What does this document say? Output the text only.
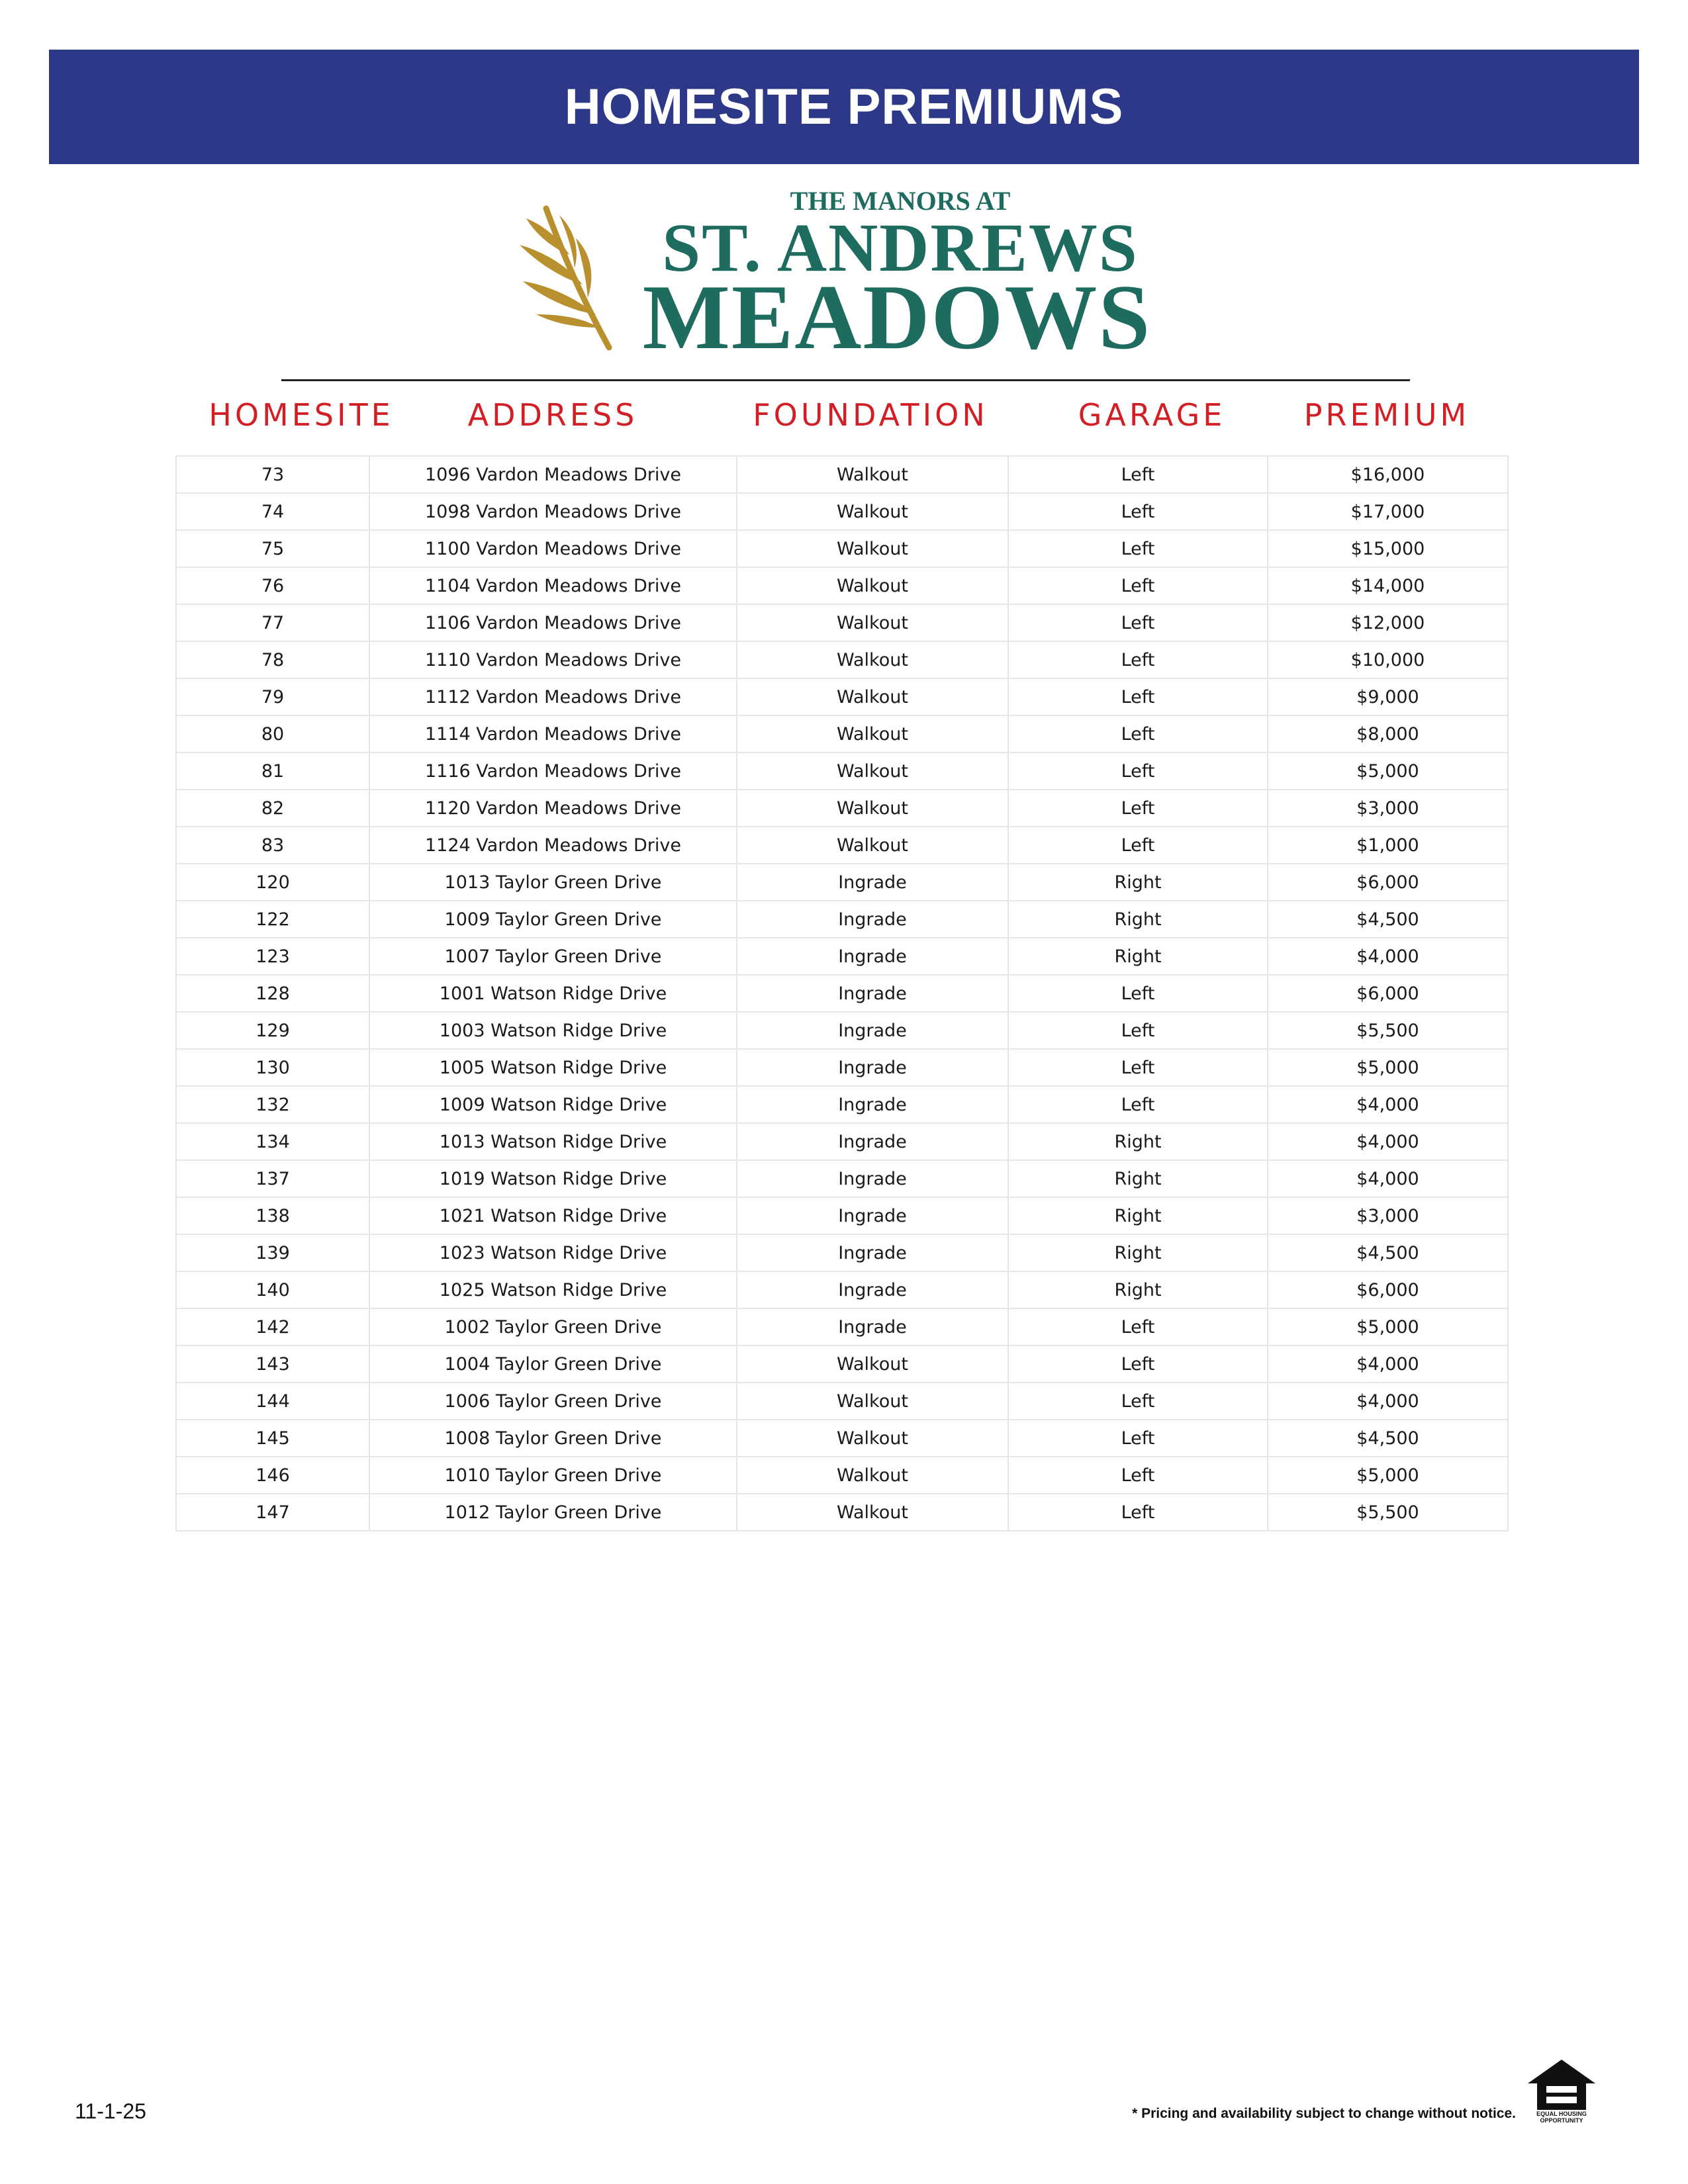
HOMESITE PREMIUMS
THE MANORS AT
ST. ANDREWS
MEADOWS
HOMESITE	ADDRESS	FOUNDATION	GARAGE	PREMIUM
73	1096 Vardon Meadows Drive	Walkout	Left	$16,000
74	1098 Vardon Meadows Drive	Walkout	Left	$17,000
75	1100 Vardon Meadows Drive	Walkout	Left	$15,000
76	1104 Vardon Meadows Drive	Walkout	Left	$14,000
77	1106 Vardon Meadows Drive	Walkout	Left	$12,000
78	1110 Vardon Meadows Drive	Walkout	Left	$10,000
79	1112 Vardon Meadows Drive	Walkout	Left	$9,000
80	1114 Vardon Meadows Drive	Walkout	Left	$8,000
81	1116 Vardon Meadows Drive	Walkout	Left	$5,000
82	1120 Vardon Meadows Drive	Walkout	Left	$3,000
83	1124 Vardon Meadows Drive	Walkout	Left	$1,000
120	1013 Taylor Green Drive	Ingrade	Right	$6,000
122	1009 Taylor Green Drive	Ingrade	Right	$4,500
123	1007 Taylor Green Drive	Ingrade	Right	$4,000
128	1001 Watson Ridge Drive	Ingrade	Left	$6,000
129	1003 Watson Ridge Drive	Ingrade	Left	$5,500
130	1005 Watson Ridge Drive	Ingrade	Left	$5,000
132	1009 Watson Ridge Drive	Ingrade	Left	$4,000
134	1013 Watson Ridge Drive	Ingrade	Right	$4,000
137	1019 Watson Ridge Drive	Ingrade	Right	$4,000
138	1021 Watson Ridge Drive	Ingrade	Right	$3,000
139	1023 Watson Ridge Drive	Ingrade	Right	$4,500
140	1025 Watson Ridge Drive	Ingrade	Right	$6,000
142	1002 Taylor Green Drive	Ingrade	Left	$5,000
143	1004 Taylor Green Drive	Walkout	Left	$4,000
144	1006 Taylor Green Drive	Walkout	Left	$4,000
145	1008 Taylor Green Drive	Walkout	Left	$4,500
146	1010 Taylor Green Drive	Walkout	Left	$5,000
147	1012 Taylor Green Drive	Walkout	Left	$5,500
11-1-25	* Pricing and availability subject to change without notice.	EQUAL HOUSING
OPPORTUNITY
